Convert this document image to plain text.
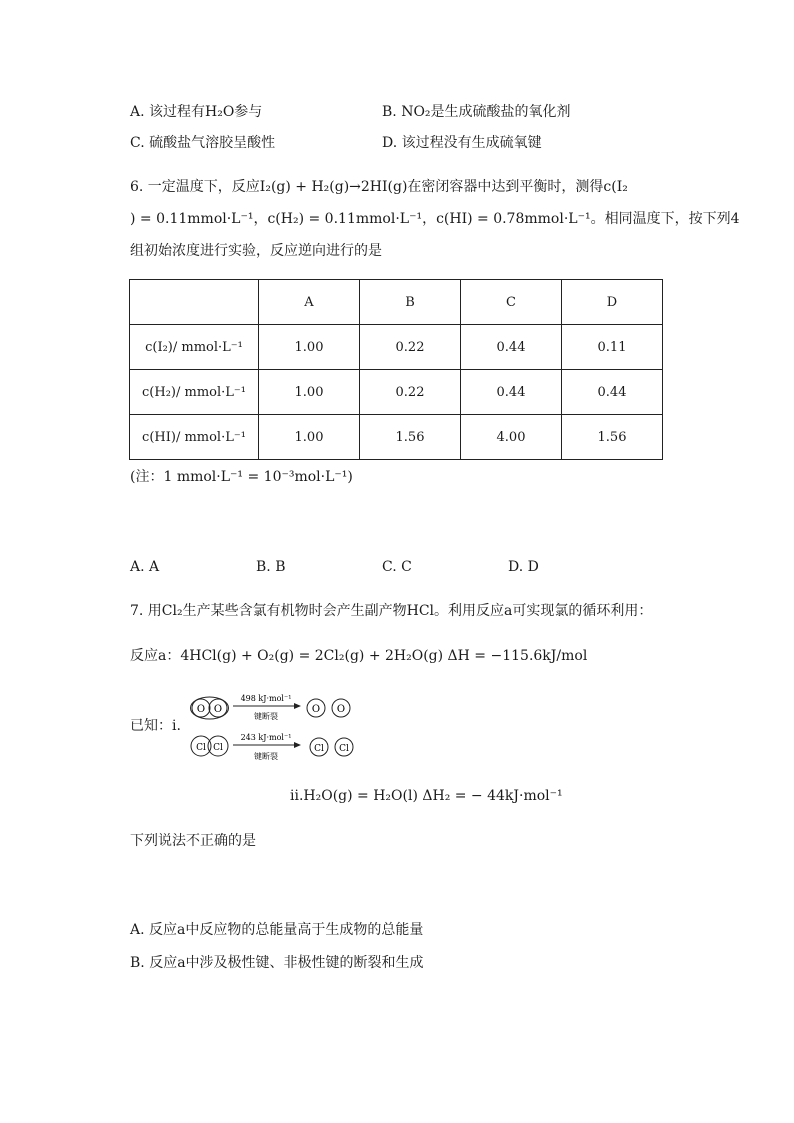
A. 该过程有H₂O参与	B. NO₂是生成硫酸盐的氧化剂
C. 硫酸盐气溶胶呈酸性	D. 该过程没有生成硫氧键
6. 一定温度下，反应I₂(g) + H₂(g)→2HI(g)在密闭容器中达到平衡时，测得c(I₂
) = 0.11mmol·L⁻¹，c(H₂) = 0.11mmol·L⁻¹，c(HI) = 0.78mmol·L⁻¹。相同温度下，按下列4
组初始浓度进行实验，反应逆向进行的是
	A	B	C	D
c(I₂)/ mmol·L⁻¹	1.00	0.22	0.44	0.11
c(H₂)/ mmol·L⁻¹	1.00	0.22	0.44	0.44
c(HI)/ mmol·L⁻¹	1.00	1.56	4.00	1.56
(注：1 mmol·L⁻¹ = 10⁻³mol·L⁻¹)
A. A	B. B	C. C	D. D
7. 用Cl₂生产某些含氯有机物时会产生副产物HCl。利用反应a可实现氯的循环利用：
反应a：4HCl(g) + O₂(g) = 2Cl₂(g) + 2H₂O(g) ΔH = −115.6kJ/mol
已知：i.
O O
498 kJ·mol⁻¹
键断裂
O O
Cl Cl
243 kJ·mol⁻¹
键断裂
Cl Cl
ii.H₂O(g) = H₂O(l) ΔH₂ = − 44kJ·mol⁻¹
下列说法不正确的是
A. 反应a中反应物的总能量高于生成物的总能量
B. 反应a中涉及极性键、非极性键的断裂和生成
